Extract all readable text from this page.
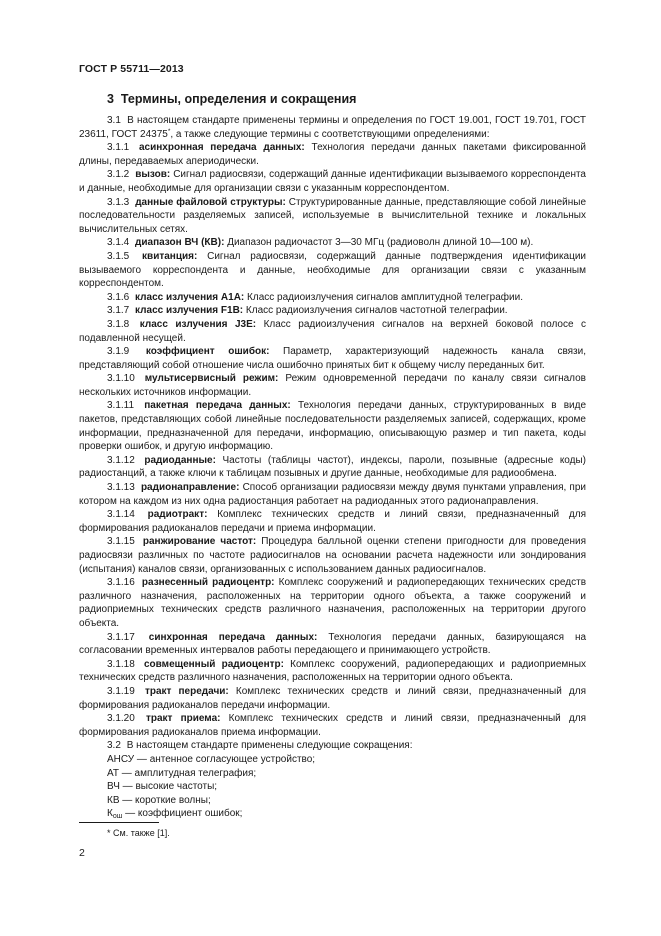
ГОСТ Р 55711—2013
3 Термины, определения и сокращения

3.1 В настоящем стандарте применены термины и определения по ГОСТ 19.001, ГОСТ 19.701, ГОСТ 23611, ГОСТ 24375*, а также следующие термины с соответствующими определениями:

3.1.1 асинхронная передача данных: Технология передачи данных пакетами фиксированной длины, передаваемых апериодически.

3.1.2 вызов: Сигнал радиосвязи, содержащий данные идентификации вызываемого корреспондента и данные, необходимые для организации связи с указанным корреспондентом.

3.1.3 данные файловой структуры: Структурированные данные, представляющие собой линейные последовательности разделяемых записей, используемые в вычислительной технике и локальных вычислительных сетях.

3.1.4 диапазон ВЧ (КВ): Диапазон радиочастот 3—30 МГц (радиоволн длиной 10—100 м).

3.1.5 квитанция: Сигнал радиосвязи, содержащий данные подтверждения идентификации вызываемого корреспондента и данные, необходимые для организации связи с указанным корреспондентом.

3.1.6 класс излучения A1A: Класс радиоизлучения сигналов амплитудной телеграфии.

3.1.7 класс излучения F1B: Класс радиоизлучения сигналов частотной телеграфии.

3.1.8 класс излучения J3E: Класс радиоизлучения сигналов на верхней боковой полосе с подавленной несущей.

3.1.9 коэффициент ошибок: Параметр, характеризующий надежность канала связи, представляющий собой отношение числа ошибочно принятых бит к общему числу переданных бит.

3.1.10 мультисервисный режим: Режим одновременной передачи по каналу связи сигналов нескольких источников информации.

3.1.11 пакетная передача данных: Технология передачи данных, структурированных в виде пакетов, представляющих собой линейные последовательности разделяемых записей, содержащих, кроме информации, предназначенной для передачи, информацию, описывающую размер и тип пакета, коды проверки ошибок, и другую информацию.

3.1.12 радиоданные: Частоты (таблицы частот), индексы, пароли, позывные (адресные коды) радиостанций, а также ключи к таблицам позывных и другие данные, необходимые для радиообмена.

3.1.13 радионаправление: Способ организации радиосвязи между двумя пунктами управления, при котором на каждом из них одна радиостанция работает на радиоданных этого радионаправления.

3.1.14 радиотракт: Комплекс технических средств и линий связи, предназначенный для формирования радиоканалов передачи и приема информации.

3.1.15 ранжирование частот: Процедура балльной оценки степени пригодности для проведения радиосвязи различных по частоте радиосигналов на основании расчета надежности или зондирования (испытания) каналов связи, организованных с использованием данных радиосигналов.

3.1.16 разнесенный радиоцентр: Комплекс сооружений и радиопередающих технических средств различного назначения, расположенных на территории одного объекта, а также сооружений и радиоприемных технических средств различного назначения, расположенных на территории другого объекта.

3.1.17 синхронная передача данных: Технология передачи данных, базирующаяся на согласовании временных интервалов работы передающего и принимающего устройств.

3.1.18 совмещенный радиоцентр: Комплекс сооружений, радиопередающих и радиоприемных технических средств различного назначения, расположенных на территории одного объекта.

3.1.19 тракт передачи: Комплекс технических средств и линий связи, предназначенный для формирования радиоканалов передачи информации.

3.1.20 тракт приема: Комплекс технических средств и линий связи, предназначенный для формирования радиоканалов приема информации.

3.2 В настоящем стандарте применены следующие сокращения:

АНСУ — антенное согласующее устройство;

АТ — амплитудная телеграфия;

ВЧ — высокие частоты;

КВ — короткие волны;

$К_{ош}$ — коэффициент ошибок;

* См. также [1].
2
